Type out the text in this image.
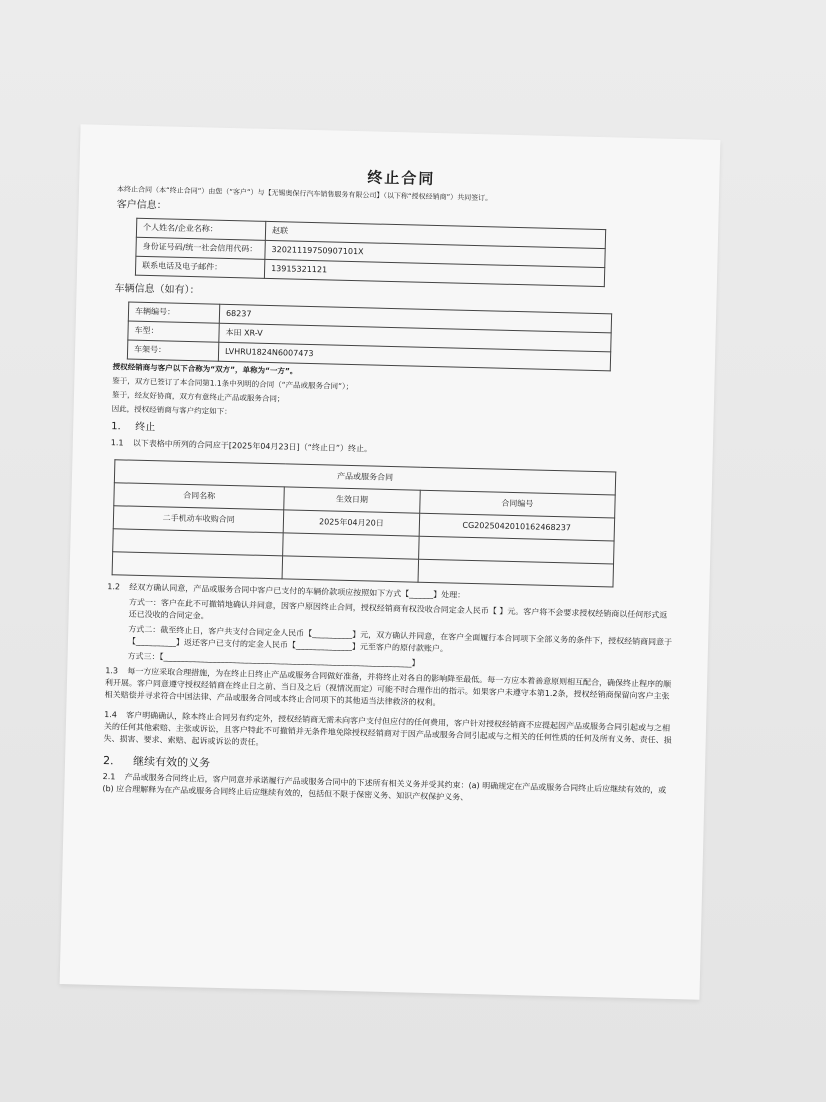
终止合同
本终止合同（本“终止合同”）由您（“客户”）与【无锡奥保行汽车销售服务有限公司】（以下称“授权经销商”）共同签订。
客户信息：
个人姓名/企业名称：	赵联
身份证号码/统一社会信用代码：	32021119750907101X
联系电话及电子邮件：	13915321121
车辆信息（如有）：
车辆编号：	68237
车型：	本田 XR-V
车架号：	LVHRU1824N6007473
授权经销商与客户以下合称为“双方”，单称为“一方”。
鉴于，双方已签订了本合同第1.1条中列明的合同（“产品或服务合同”）；
鉴于，经友好协商，双方有意终止产品或服务合同；
因此，授权经销商与客户约定如下：
1. 终止
1.1 以下表格中所列的合同应于[2025年04月23日]（“终止日”）终止。
产品或服务合同		
合同名称	生效日期	合同编号
二手机动车收购合同	2025年04月20日	CG2025042010162468237

1.2 经双方确认同意，产品或服务合同中客户已支付的车辆价款项应按照如下方式【______】处理：
方式一：客户在此不可撤销地确认并同意，因客户原因终止合同，授权经销商有权没收合同定金人民币【 】元。客户将不会要求授权经销商以任何形式返还已没收的合同定金。
方式二：截至终止日，客户共支付合同定金人民币【__________】元，双方确认并同意，在客户全面履行本合同项下全部义务的条件下，授权经销商同意于【__________】返还客户已支付的定金人民币【______________】元至客户的原付款账户。
方式三：【______________________________________________________________】
1.3 每一方应采取合理措施，为在终止日终止产品或服务合同做好准备，并将终止对各自的影响降至最低。每一方应本着善意原则相互配合，确保终止程序的顺利开展。客户同意遵守授权经销商在终止日之前、当日及之后（视情况而定）可能不时合理作出的指示。如果客户未遵守本第1.2条，授权经销商保留向客户主张相关赔偿并寻求符合中国法律、产品或服务合同或本终止合同项下的其他适当法律救济的权利。
1.4 客户明确确认，除本终止合同另有约定外，授权经销商无需未向客户支付但应付的任何费用，客户针对授权经销商不应提起因产品或服务合同引起或与之相关的任何其他索赔、主张或诉讼，且客户特此不可撤销并无条件地免除授权经销商对于因产品或服务合同引起或与之相关的任何性质的任何及所有义务、责任、损失、损害、要求、索赔、起诉或诉讼的责任。
2. 继续有效的义务
2.1 产品或服务合同终止后，客户同意并承诺履行产品或服务合同中的下述所有相关义务并受其约束：(a) 明确规定在产品或服务合同终止后应继续有效的，或 (b) 应合理解释为在产品或服务合同终止后应继续有效的，包括但不限于保密义务、知识产权保护义务、
